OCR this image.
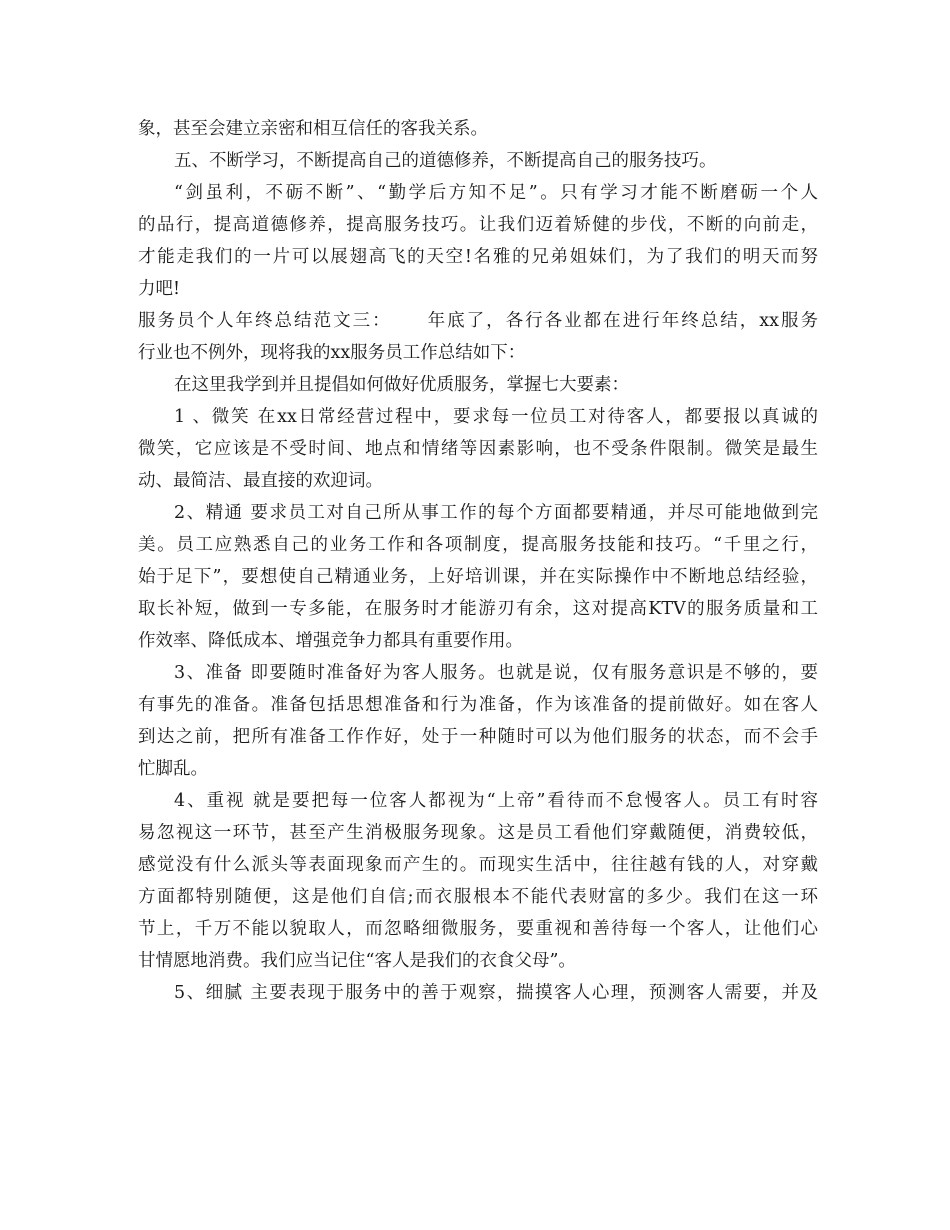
象，甚至会建立亲密和相互信任的客我关系。
五、不断学习，不断提高自己的道德修养，不断提高自己的服务技巧。
“剑虽利，不砺不断”、“勤学后方知不足”。只有学习才能不断磨砺一个人
的品行，提高道德修养，提高服务技巧。让我们迈着矫健的步伐，不断的向前走，
才能走我们的一片可以展翅高飞的天空!名雅的兄弟姐妹们，为了我们的明天而努
力吧!
服务员个人年终总结范文三： 年底了，各行各业都在进行年终总结，xx服务
行业也不例外，现将我的xx服务员工作总结如下：
在这里我学到并且提倡如何做好优质服务，掌握七大要素：
1 、微笑 在xx日常经营过程中，要求每一位员工对待客人，都要报以真诚的
微笑，它应该是不受时间、地点和情绪等因素影响，也不受条件限制。微笑是最生
动、最简洁、最直接的欢迎词。
2、精通 要求员工对自己所从事工作的每个方面都要精通，并尽可能地做到完
美。员工应熟悉自己的业务工作和各项制度，提高服务技能和技巧。“千里之行，
始于足下”，要想使自己精通业务，上好培训课，并在实际操作中不断地总结经验，
取长补短，做到一专多能，在服务时才能游刃有余，这对提高KTV的服务质量和工
作效率、降低成本、增强竞争力都具有重要作用。
3、准备 即要随时准备好为客人服务。也就是说，仅有服务意识是不够的，要
有事先的准备。准备包括思想准备和行为准备，作为该准备的提前做好。如在客人
到达之前，把所有准备工作作好，处于一种随时可以为他们服务的状态，而不会手
忙脚乱。
4、重视 就是要把每一位客人都视为“上帝”看待而不怠慢客人。员工有时容
易忽视这一环节，甚至产生消极服务现象。这是员工看他们穿戴随便，消费较低，
感觉没有什么派头等表面现象而产生的。而现实生活中，往往越有钱的人，对穿戴
方面都特别随便，这是他们自信;而衣服根本不能代表财富的多少。我们在这一环
节上，千万不能以貌取人，而忽略细微服务，要重视和善待每一个客人，让他们心
甘情愿地消费。我们应当记住“客人是我们的衣食父母”。
5、细腻 主要表现于服务中的善于观察，揣摸客人心理，预测客人需要，并及
